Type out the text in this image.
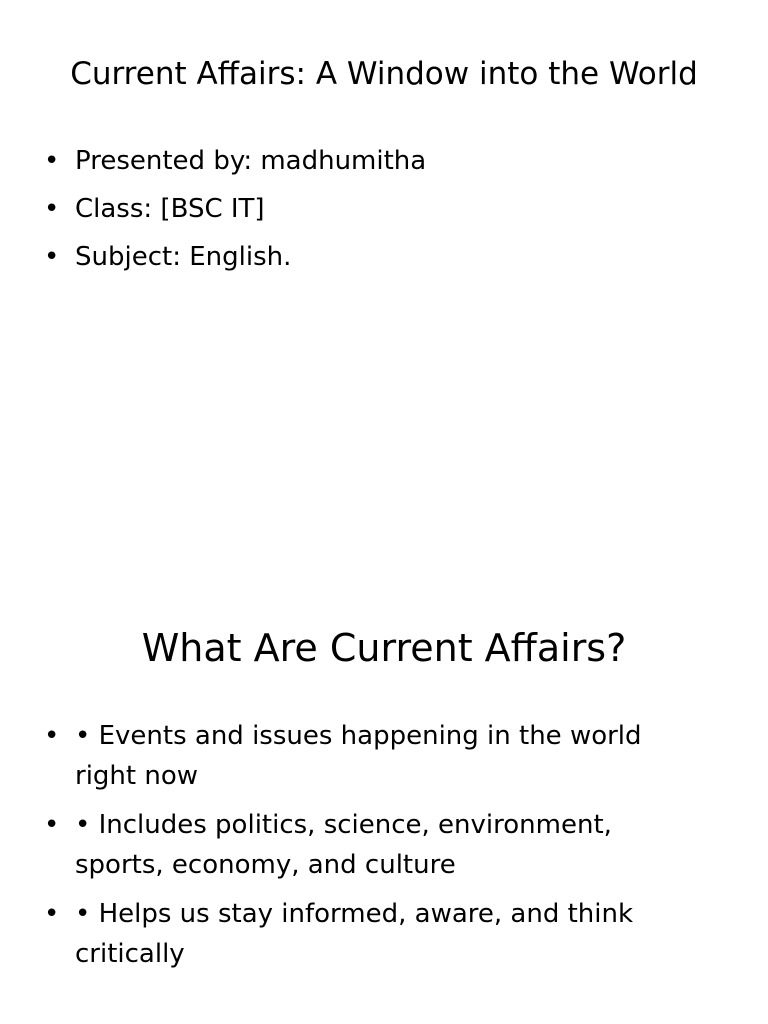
Current Affairs: A Window into the World
• Presented by: madhumitha
• Class: [BSC IT]
• Subject: English.
What Are Current Affairs?
• • Events and issues happening in the world right now
• • Includes politics, science, environment, sports, economy, and culture
• • Helps us stay informed, aware, and think critically
